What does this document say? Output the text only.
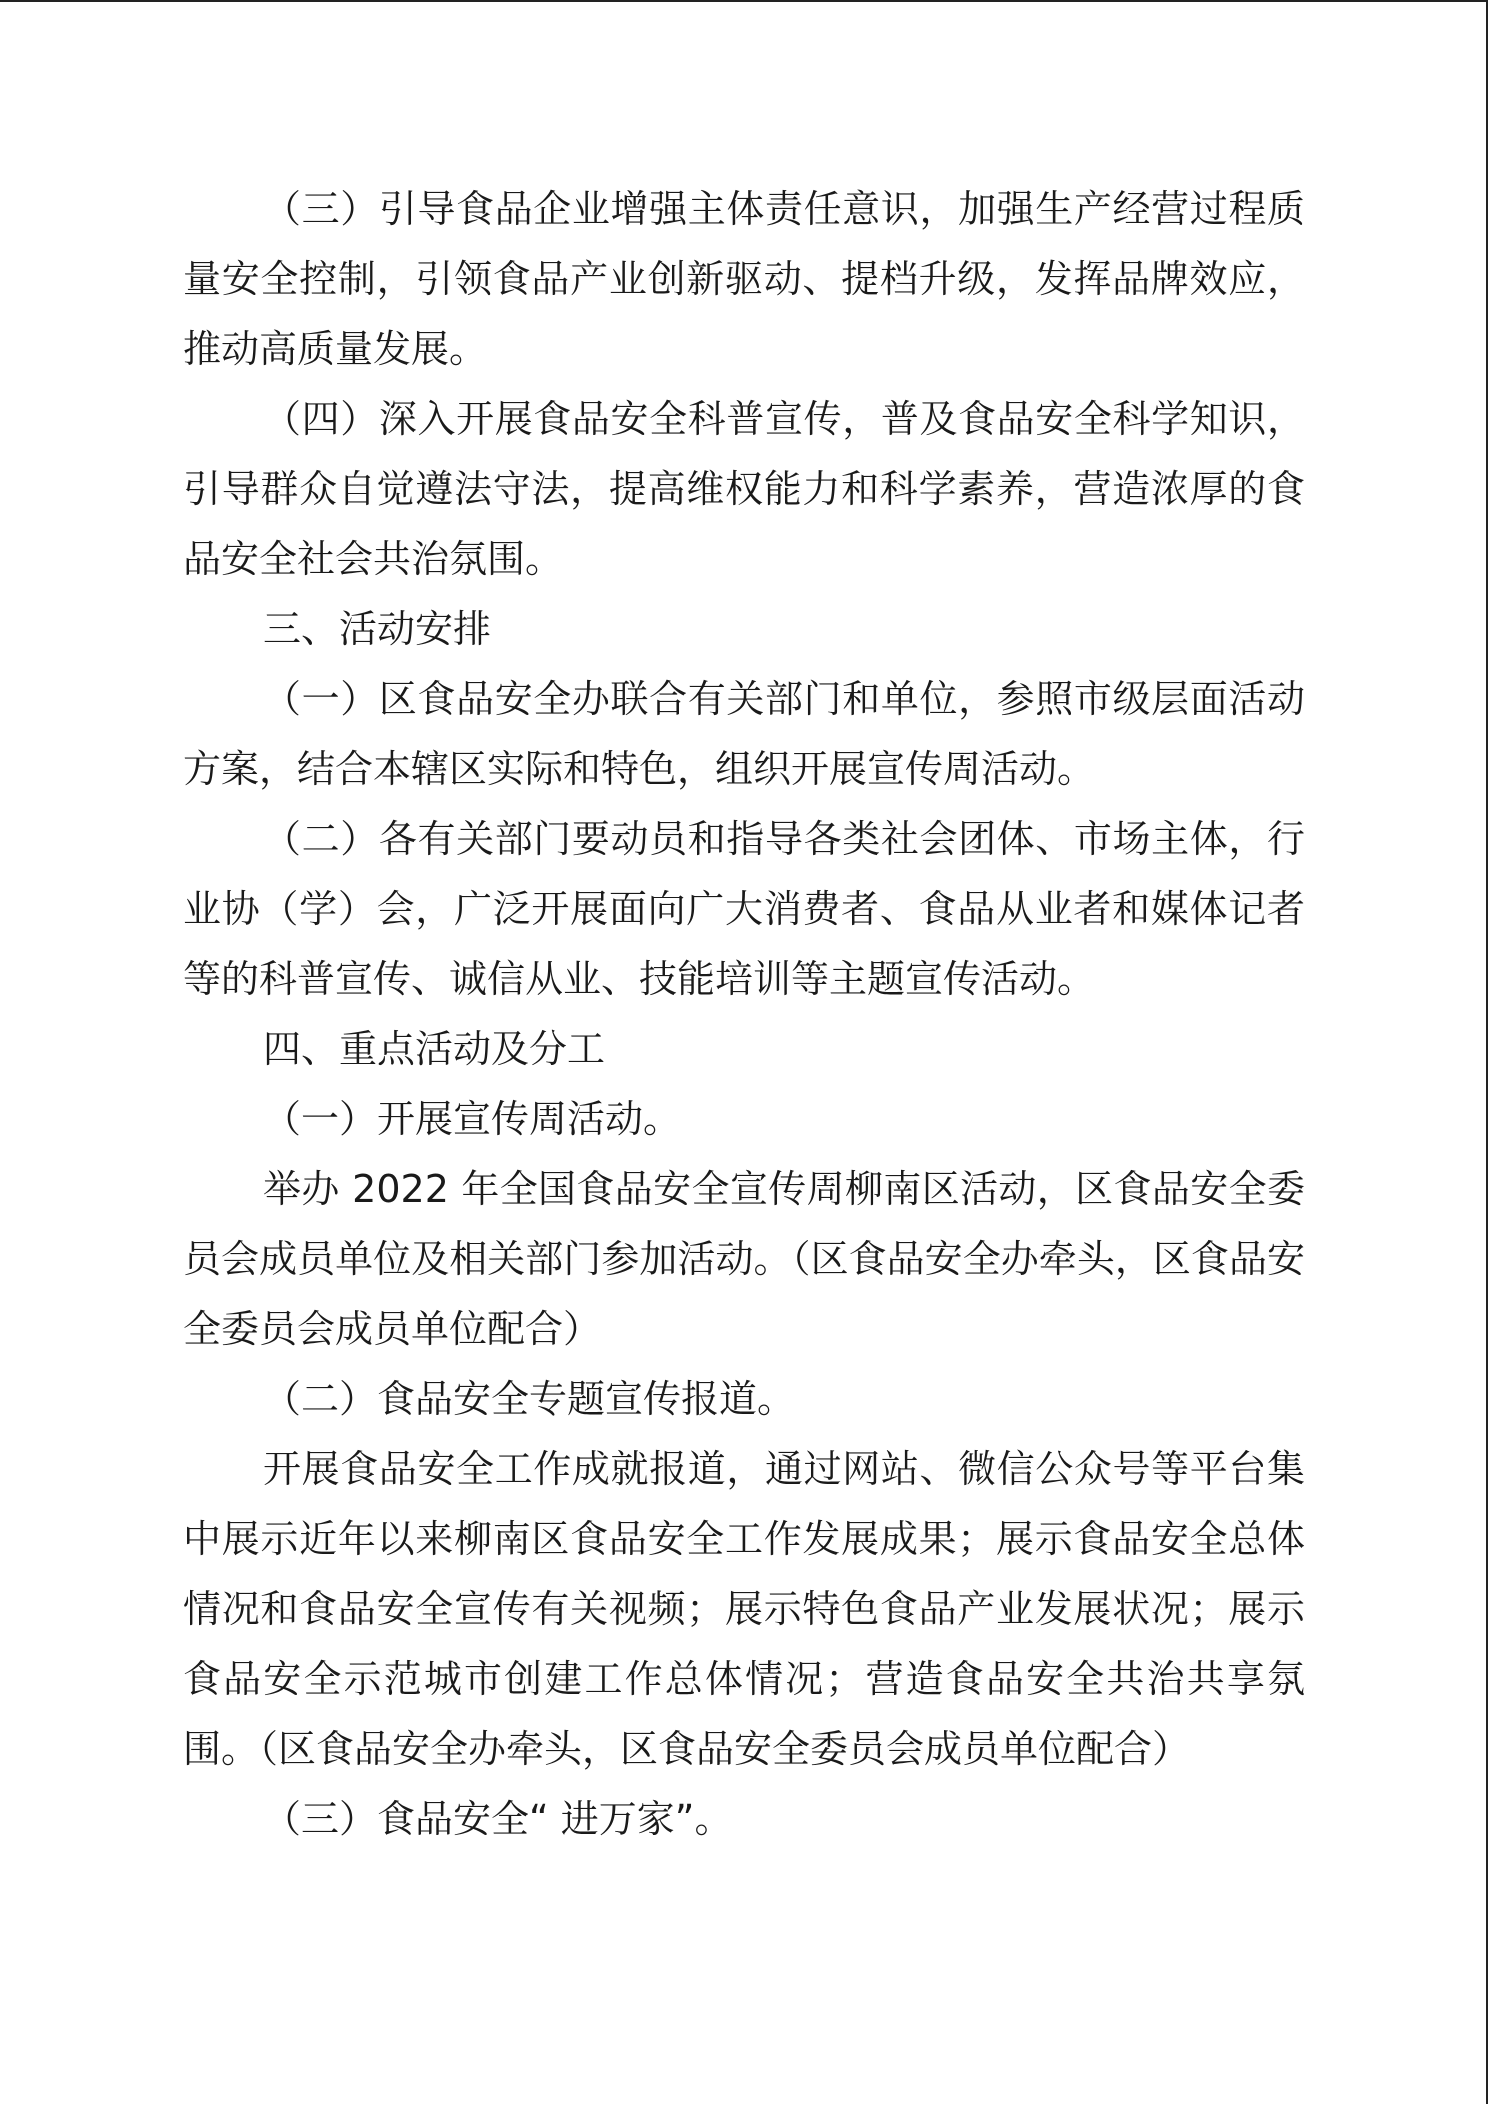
（三）引导食品企业增强主体责任意识，加强生产经营过程质量安全控制，引领食品产业创新驱动、提档升级，发挥品牌效应，推动高质量发展。

（四）深入开展食品安全科普宣传，普及食品安全科学知识，引导群众自觉遵法守法，提高维权能力和科学素养，营造浓厚的食品安全社会共治氛围。

三、活动安排

（一）区食品安全办联合有关部门和单位，参照市级层面活动方案，结合本辖区实际和特色，组织开展宣传周活动。

（二）各有关部门要动员和指导各类社会团体、市场主体，行业协（学）会，广泛开展面向广大消费者、食品从业者和媒体记者等的科普宣传、诚信从业、技能培训等主题宣传活动。

四、重点活动及分工

（一）开展宣传周活动。

举办 2022 年全国食品安全宣传周柳南区活动，区食品安全委员会成员单位及相关部门参加活动。（区食品安全办牵头，区食品安全委员会成员单位配合）

（二）食品安全专题宣传报道。

开展食品安全工作成就报道，通过网站、微信公众号等平台集中展示近年以来柳南区食品安全工作发展成果；展示食品安全总体情况和食品安全宣传有关视频；展示特色食品产业发展状况；展示食品安全示范城市创建工作总体情况；营造食品安全共治共享氛围。（区食品安全办牵头，区食品安全委员会成员单位配合）

（三）食品安全“ 进万家”。
